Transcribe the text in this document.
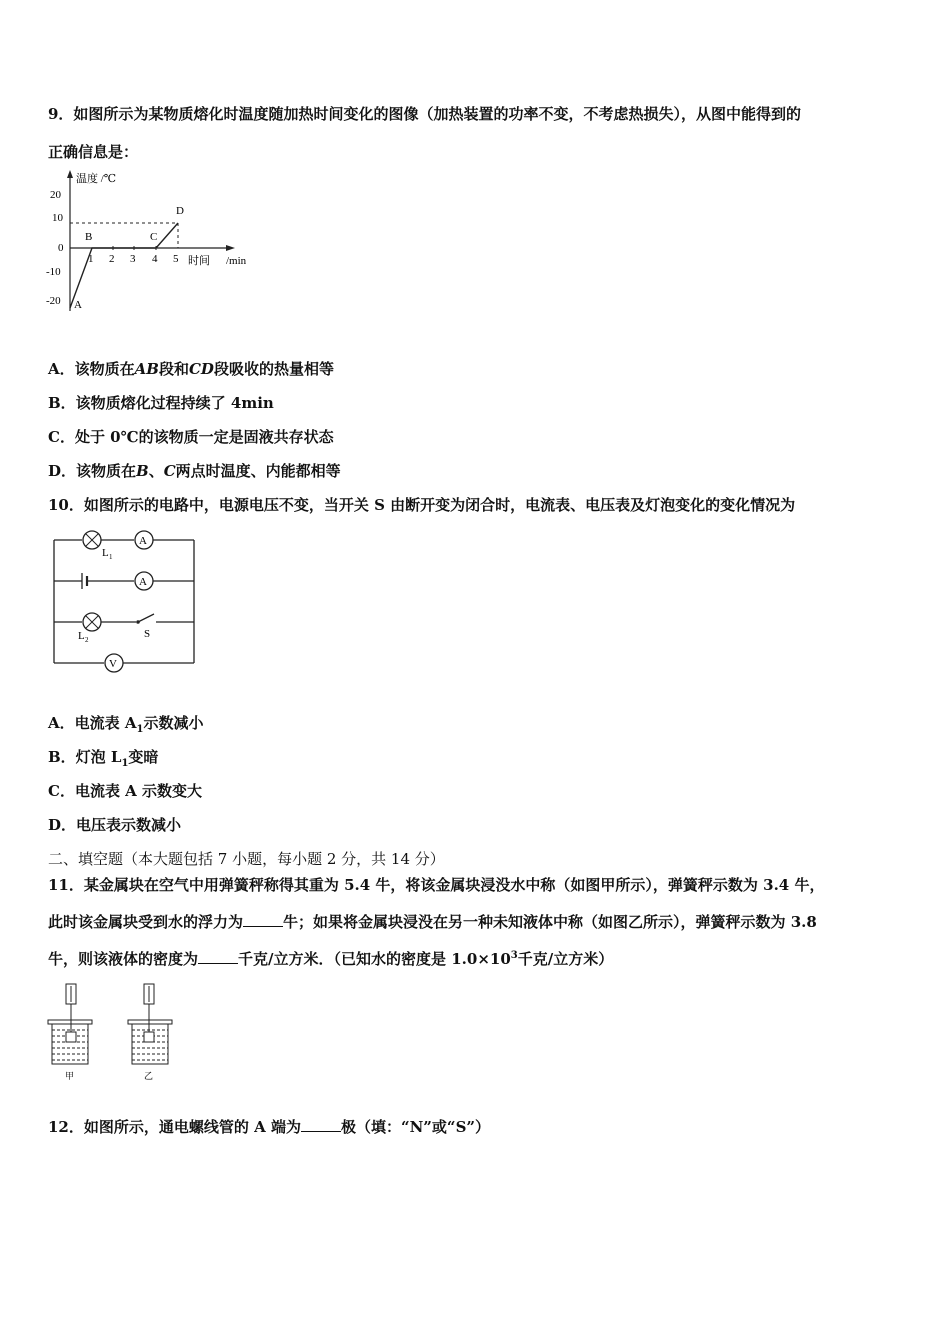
9．如图所示为某物质熔化时温度随加热时间变化的图像（加热装置的功率不变，不考虑热损失），从图中能得到的
正确信息是：
温度 /℃
时间 /min
20
10
0
-10
-20
1 2 3 4 5
A
B	C
D
A．该物质在AB段和CD段吸收的热量相等
B．该物质熔化过程持续了 4min
C．处于 0℃的该物质一定是固液共存状态
D．该物质在B、C两点时温度、内能都相等
10．如图所示的电路中，电源电压不变，当开关 S 由断开变为闭合时，电流表、电压表及灯泡变化的变化情况为
A
L 1
A
L 2	S
V
A．电流表 $A_1$示数减小
B．灯泡 $L_1$变暗
C．电流表 A 示数变大
D．电压表示数减小
二、填空题（本大题包括 7 小题，每小题 2 分，共 14 分）
11．某金属块在空气中用弹簧秤称得其重为 5.4 牛，将该金属块浸没水中称（如图甲所示），弹簧秤示数为 3.4 牛，
此时该金属块受到水的浮力为	牛；如果将金属块浸没在另一种未知液体中称（如图乙所示），弹簧秤示数为 3.8
牛，则该液体的密度为	千克/立方米．（已知水的密度是 $1.0\times 10^3$千克/立方米）
甲	乙
12．如图所示，通电螺线管的 A 端为	极（填：“N”或“S”）
